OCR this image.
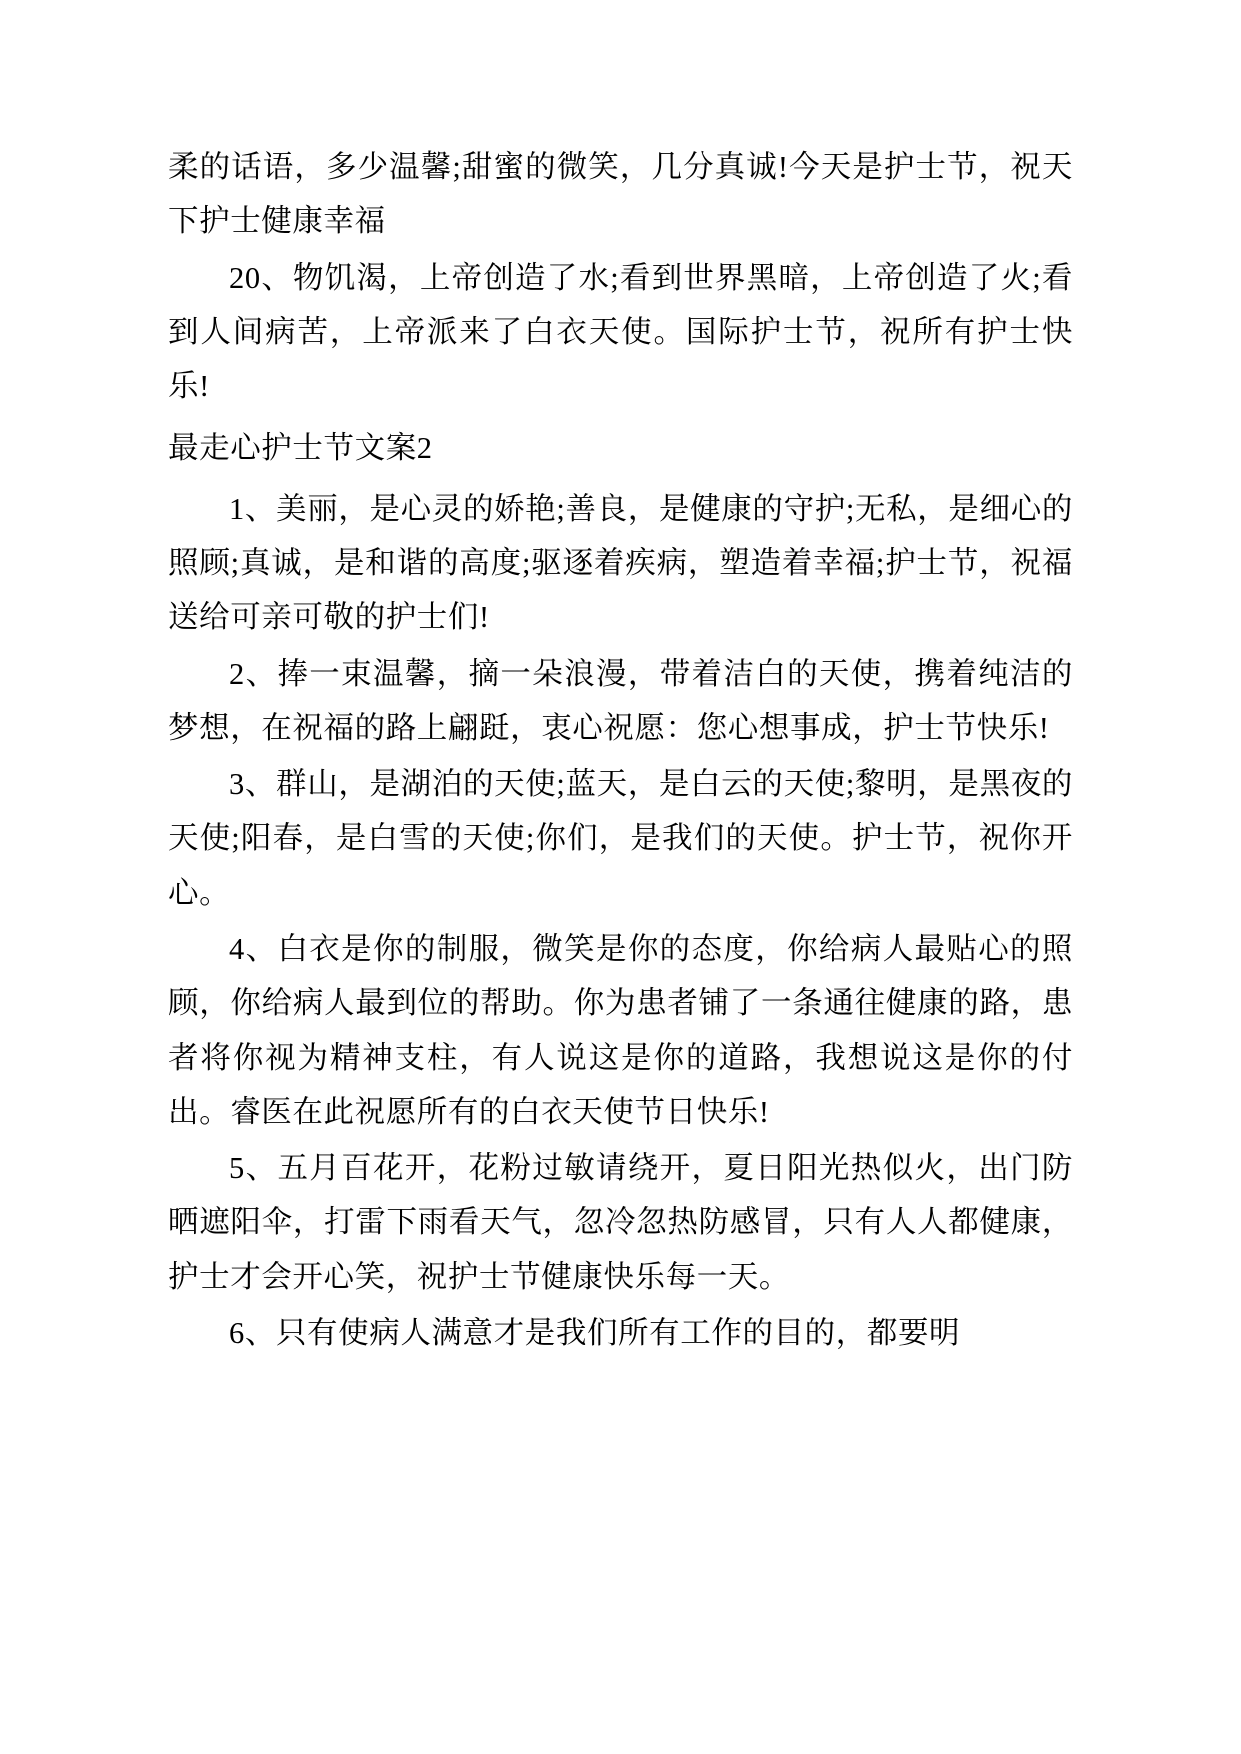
柔的话语，多少温馨;甜蜜的微笑，几分真诚!今天是护士节，祝天下护士健康幸福

20、物饥渴，上帝创造了水;看到世界黑暗，上帝创造了火;看到人间病苦，上帝派来了白衣天使。国际护士节，祝所有护士快乐!

最走心护士节文案2

1、美丽，是心灵的娇艳;善良，是健康的守护;无私，是细心的照顾;真诚，是和谐的高度;驱逐着疾病，塑造着幸福;护士节，祝福送给可亲可敬的护士们!

2、捧一束温馨，摘一朵浪漫，带着洁白的天使，携着纯洁的梦想，在祝福的路上翩跹，衷心祝愿：您心想事成，护士节快乐!

3、群山，是湖泊的天使;蓝天，是白云的天使;黎明，是黑夜的天使;阳春，是白雪的天使;你们，是我们的天使。护士节，祝你开心。

4、白衣是你的制服，微笑是你的态度，你给病人最贴心的照顾，你给病人最到位的帮助。你为患者铺了一条通往健康的路，患者将你视为精神支柱，有人说这是你的道路，我想说这是你的付出。睿医在此祝愿所有的白衣天使节日快乐!

5、五月百花开，花粉过敏请绕开，夏日阳光热似火，出门防晒遮阳伞，打雷下雨看天气，忽冷忽热防感冒，只有人人都健康，护士才会开心笑，祝护士节健康快乐每一天。

6、只有使病人满意才是我们所有工作的目的，都要明
